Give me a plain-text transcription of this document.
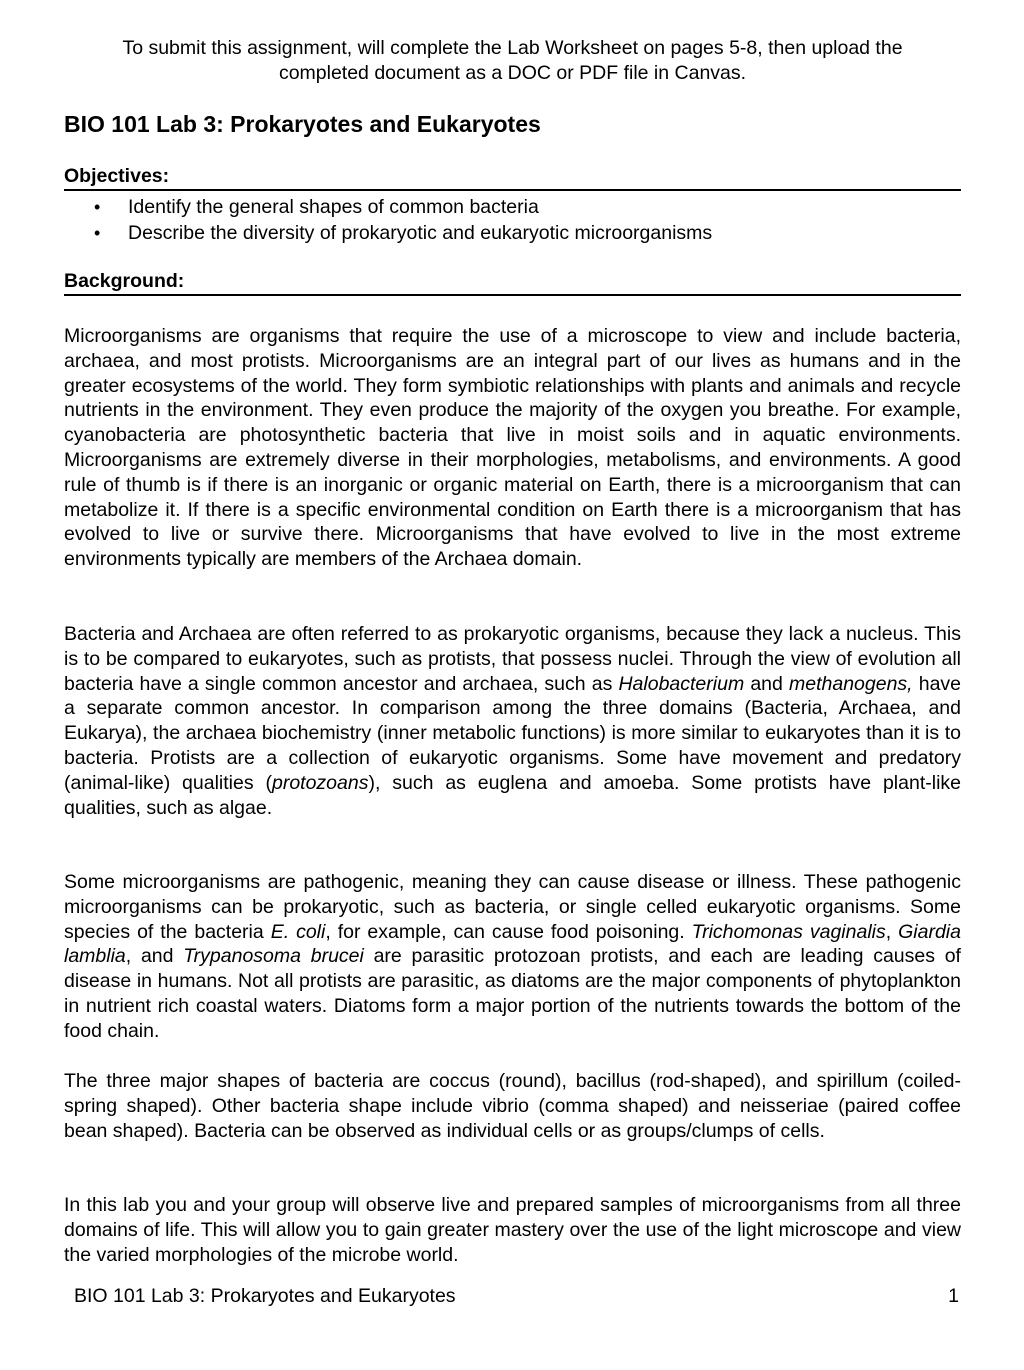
To submit this assignment, will complete the Lab Worksheet on pages 5-8, then upload the
completed document as a DOC or PDF file in Canvas.
BIO 101 Lab 3: Prokaryotes and Eukaryotes
Objectives:
• Identify the general shapes of common bacteria
• Describe the diversity of prokaryotic and eukaryotic microorganisms
Background:

Microorganisms are organisms that require the use of a microscope to view and include bacteria, archaea, and most protists. Microorganisms are an integral part of our lives as humans and in the greater ecosystems of the world. They form symbiotic relationships with plants and animals and recycle nutrients in the environment. They even produce the majority of the oxygen you breathe. For example, cyanobacteria are photosynthetic bacteria that live in moist soils and in aquatic environments. Microorganisms are extremely diverse in their morphologies, metabolisms, and environments. A good rule of thumb is if there is an inorganic or organic material on Earth, there is a microorganism that can metabolize it. If there is a specific environmental condition on Earth there is a microorganism that has evolved to live or survive there. Microorganisms that have evolved to live in the most extreme environments typically are members of the Archaea domain.

Bacteria and Archaea are often referred to as prokaryotic organisms, because they lack a nucleus. This is to be compared to eukaryotes, such as protists, that possess nuclei. Through the view of evolution all bacteria have a single common ancestor and archaea, such as Halobacterium and methanogens, have a separate common ancestor. In comparison among the three domains (Bacteria, Archaea, and Eukarya), the archaea biochemistry (inner metabolic functions) is more similar to eukaryotes than it is to bacteria. Protists are a collection of eukaryotic organisms. Some have movement and predatory (animal-like) qualities (protozoans), such as euglena and amoeba. Some protists have plant-like qualities, such as algae.

Some microorganisms are pathogenic, meaning they can cause disease or illness. These pathogenic microorganisms can be prokaryotic, such as bacteria, or single celled eukaryotic organisms. Some species of the bacteria E. coli, for example, can cause food poisoning. Trichomonas vaginalis, Giardia lamblia, and Trypanosoma brucei are parasitic protozoan protists, and each are leading causes of disease in humans. Not all protists are parasitic, as diatoms are the major components of phytoplankton in nutrient rich coastal waters. Diatoms form a major portion of the nutrients towards the bottom of the food chain.

The three major shapes of bacteria are coccus (round), bacillus (rod-shaped), and spirillum (coiled-spring shaped). Other bacteria shape include vibrio (comma shaped) and neisseriae (paired coffee bean shaped). Bacteria can be observed as individual cells or as groups/clumps of cells.

In this lab you and your group will observe live and prepared samples of microorganisms from all three domains of life. This will allow you to gain greater mastery over the use of the light microscope and view the varied morphologies of the microbe world.

BIO 101 Lab 3: Prokaryotes and Eukaryotes	1
